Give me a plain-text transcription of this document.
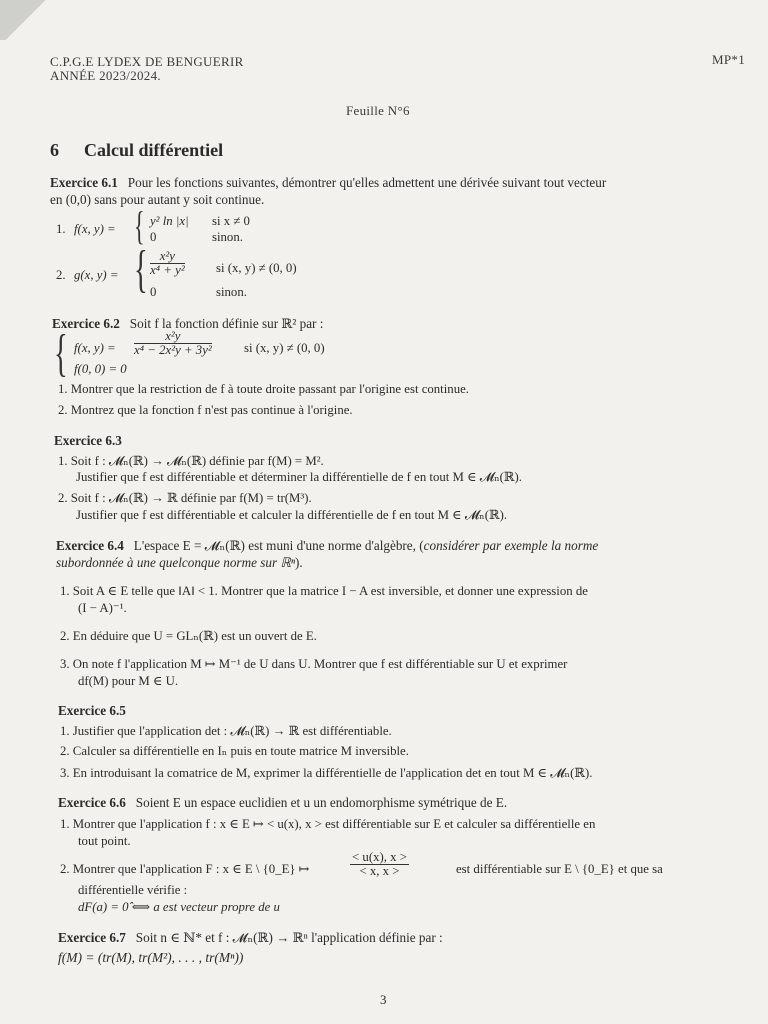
C.P.G.E LYDEX DE BENGUERIR
ANNÉE 2023/2024.
MP*1
Feuille N°6
6 Calcul différentiel
Exercice 6.1 Pour les fonctions suivantes, démontrer qu'elles admettent une dérivée suivant tout vecteur
en (0,0) sans pour autant y soit continue.
1. f(x, y) = { y² ln |x| si x ≠ 0
0	sinon.
2. g(x, y) = { $\frac{\text{x²y}}{\text{x⁴ + y²}}$ si (x, y) ≠ (0, 0)
0	sinon.
Exercice 6.2 Soit f la fonction définie sur ℝ² par :
{ f(x, $y) = \frac{\text{x²y}}{\text{x⁴ − 2x²y + 3y²}}$	si (x, y) ≠ (0, 0)
f(0, 0) = 0
1. Montrer que la restriction de f à toute droite passant par l'origine est continue.
2. Montrez que la fonction f n'est pas continue à l'origine.
Exercice 6.3
1. Soit f : 𝓜ₙ(ℝ) → 𝓜ₙ(ℝ) définie par f(M) = M².
Justifier que f est différentiable et déterminer la différentielle de f en tout M ∈ 𝓜ₙ(ℝ).
2. Soit f : 𝓜ₙ(ℝ) → ℝ définie par f(M) = tr(M³).
Justifier que f est différentiable et calculer la différentielle de f en tout M ∈ 𝓜ₙ(ℝ).
Exercice 6.4 L'espace E = 𝓜ₙ(ℝ) est muni d'une norme d'algèbre, (considérer par exemple la norme
subordonnée à une quelconque norme sur ℝⁿ).
1. Soit A ∈ E telle que ‖A‖ < 1. Montrer que la matrice I − A est inversible, et donner une expression de
(I − A)⁻¹.
2. En déduire que U = GLₙ(ℝ) est un ouvert de E.
3. On note f l'application M ↦ M⁻¹ de U dans U. Montrer que f est différentiable sur U et exprimer
df(M) pour M ∈ U.
Exercice 6.5
1. Justifier que l'application det : 𝓜ₙ(ℝ) → ℝ est différentiable.
2. Calculer sa différentielle en Iₙ puis en toute matrice M inversible.
3. En introduisant la comatrice de M, exprimer la différentielle de l'application det en tout M ∈ 𝓜ₙ(ℝ).
Exercice 6.6 Soient E un espace euclidien et u un endomorphisme symétrique de E.
1. Montrer que l'application f : x ∈ E ↦ < u(x), x > est différentiable sur E et calculer sa différentielle en
tout point.
2. Montrer que l'application F : x ∈ E \ {0_E} ↦	$\frac{< u(x), x >}{< x, x >}$	est différentiable sur E \ {0_E} et que sa
différentielle vérifie :
dF(a) = 0̂ ⟺ a est vecteur propre de u
Exercice 6.7 Soit n ∈ ℕ* et f : 𝓜ₙ(ℝ) → ℝⁿ l'application définie par :
f(M) = (tr(M), tr(M²), . . . , tr(Mⁿ))
3
